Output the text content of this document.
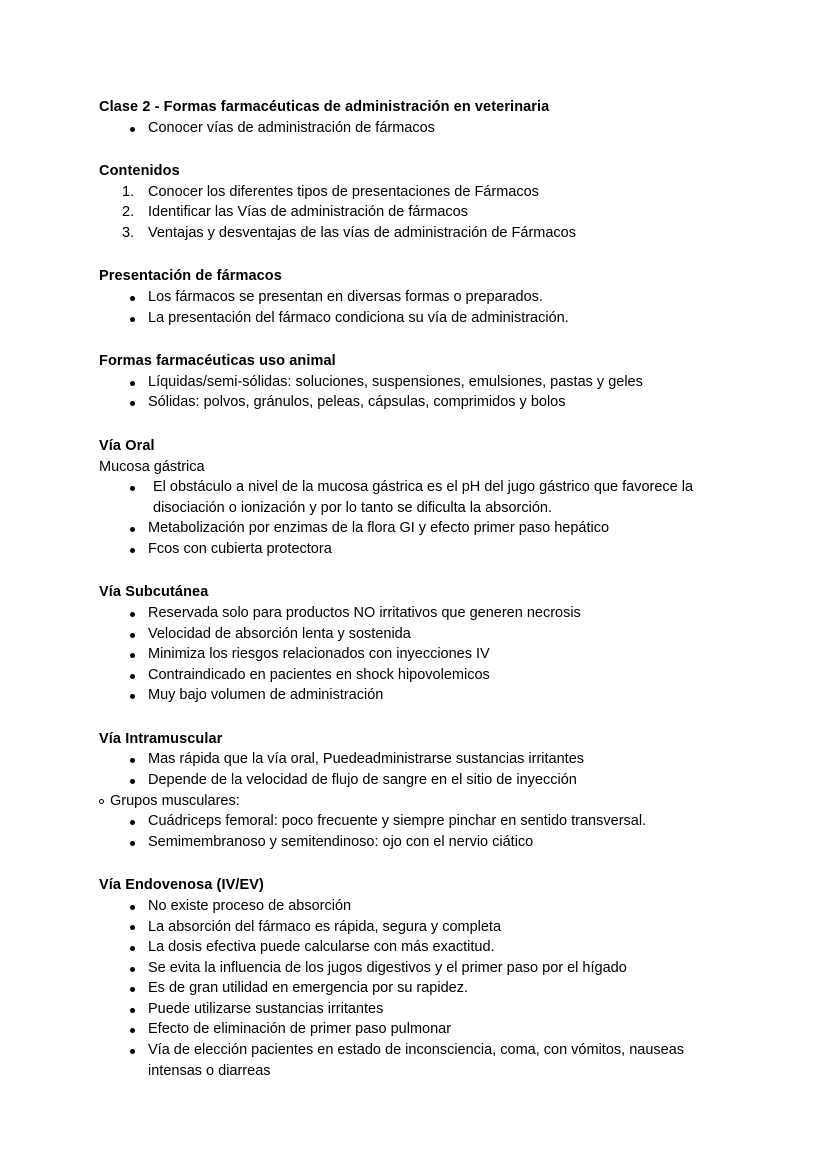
Clase 2 - Formas farmacéuticas de administración en veterinaria
Conocer vías de administración de fármacos
Contenidos
1. Conocer los diferentes tipos de presentaciones de Fármacos
2. Identificar las Vías de administración de fármacos
3. Ventajas y desventajas de las vías de administración de Fármacos
Presentación de fármacos
Los fármacos se presentan en diversas formas o preparados.
La presentación del fármaco condiciona su vía de administración.
Formas farmacéuticas uso animal
Líquidas/semi-sólidas: soluciones, suspensiones, emulsiones, pastas y geles
Sólidas: polvos, gránulos, peleas, cápsulas, comprimidos y bolos
Vía Oral
Mucosa gástrica
El obstáculo a nivel de la mucosa gástrica es el pH del jugo gástrico que favorece la disociación o ionización y por lo tanto se dificulta la absorción.
Metabolización por enzimas de la flora GI y efecto primer paso hepático
Fcos con cubierta protectora
Vía Subcutánea
Reservada solo para productos NO irritativos que generen necrosis
Velocidad de absorción lenta y sostenida
Minimiza los riesgos relacionados con inyecciones IV
Contraindicado en pacientes en shock hipovolemicos
Muy bajo volumen de administración
Vía Intramuscular
Mas rápida que la vía oral, Puedeadministrarse sustancias irritantes
Depende de la velocidad de flujo de sangre en el sitio de inyección
Grupos musculares:
Cuádriceps femoral: poco frecuente y siempre pinchar en sentido transversal.
Semimembranoso y semitendinoso: ojo con el nervio ciático
Vía Endovenosa (IV/EV)
No existe proceso de absorción
La absorción del fármaco es rápida, segura y completa
La dosis efectiva puede calcularse con más exactitud.
Se evita la influencia de los jugos digestivos y el primer paso por el hígado
Es de gran utilidad en emergencia por su rapidez.
Puede utilizarse sustancias irritantes
Efecto de eliminación de primer paso pulmonar
Vía de elección pacientes en estado de inconsciencia, coma, con vómitos, nauseas intensas o diarreas
